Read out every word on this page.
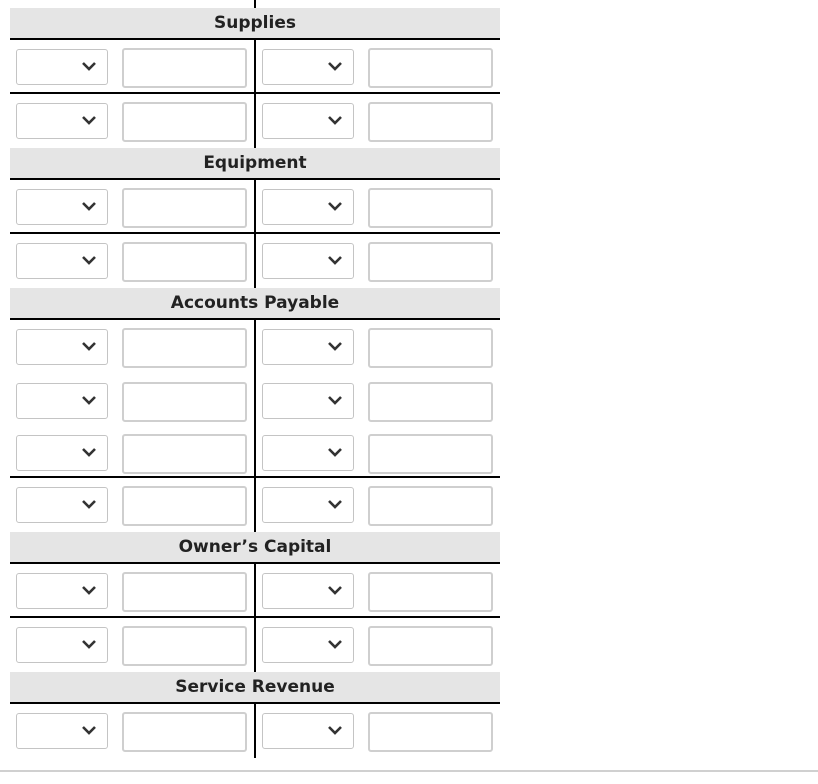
Supplies
Equipment
Accounts Payable
Owner’s Capital
Service Revenue
